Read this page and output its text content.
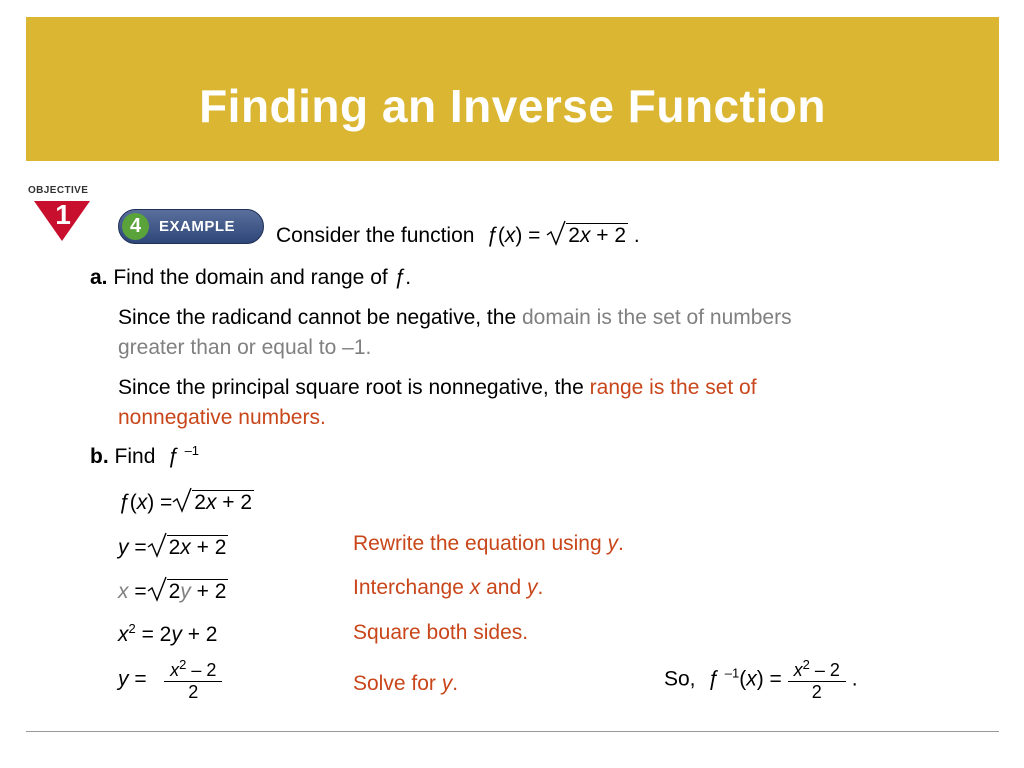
Finding an Inverse Function
OBJECTIVE
1	4	EXAMPLE Consider the function  ƒ(x) = 2x + 2 .
a. Find the domain and range of ƒ.
Since the radicand cannot be negative, the domain is the set of numbers
greater than or equal to –1.
Since the principal square root is nonnegative, the range is the set of
nonnegative numbers.
b. Find  ƒ $^{-1}$
ƒ(x) = 2x + 2
y = 2x + 2	Rewrite the equation using y.
x = 2y + 2	Interchange x and y.
$x^2 = 2y + 2$	Square both sides.
$y = \frac{x^2 - 2}{2}$	Solve for y.	So,  ƒ $^{-1}(x) = \frac{x^2 - 2}{2}$ .
